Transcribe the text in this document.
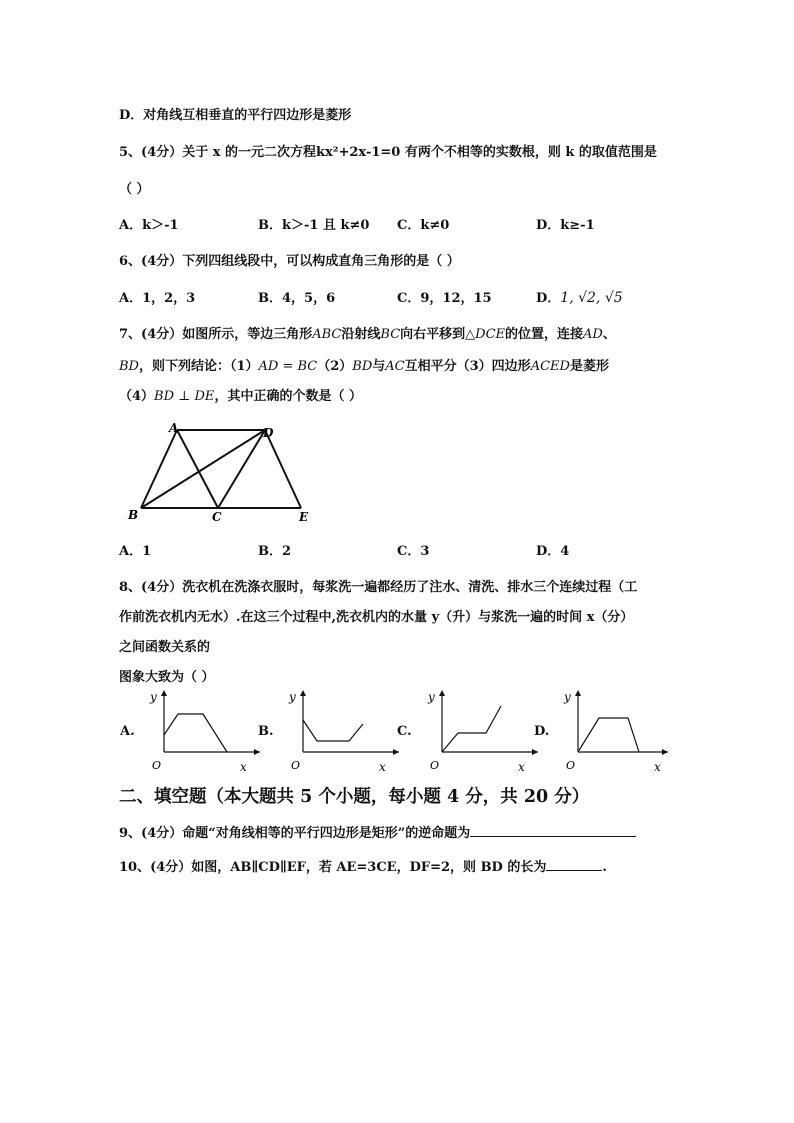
D．对角线互相垂直的平行四边形是菱形
5、(4分）关于 x 的一元二次方程kx²+2x-1=0 有两个不相等的实数根，则 k 的取值范围是
（ ）
A．k＞-1	B．k＞-1 且 k≠0 C．k≠0	D．k≥-1
6、(4分）下列四组线段中，可以构成直角三角形的是（ ）
A．1，2，3	B．4，5，6	C．9，12，15	D．1, √2, √5
7、(4分）如图所示，等边三角形ABC沿射线BC向右平移到△DCE的位置，连接AD、
BD，则下列结论：（1）AD = BC（2）BD与AC互相平分（3）四边形ACED是菱形
（4）BD ⊥ DE，其中正确的个数是（ ）
A	D
B	C	E
A．1	B．2	C．3	D．4
8、(4分）洗衣机在洗涤衣服时，每浆洗一遍都经历了注水、清洗、排水三个连续过程（工
作前洗衣机内无水）.在这三个过程中,洗衣机内的水量 y（升）与浆洗一遍的时间 x（分）
之间函数关系的
图象大致为（ ）
A.	B.	C.	D.
y
x
O
y
x
O
y
x
O
y
x
O
二、填空题（本大题共 5 个小题，每小题 4 分，共 20 分）
9、(4分）命题“对角线相等的平行四边形是矩形”的逆命题为
10、(4分）如图，AB∥CD∥EF，若 AE=3CE，DF=2，则 BD 的长为	.
